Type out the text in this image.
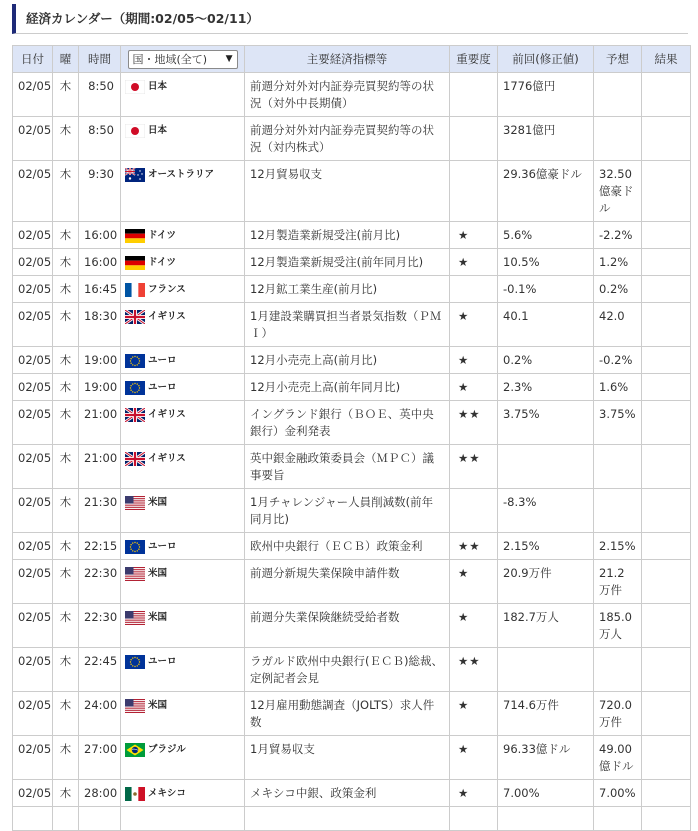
経済カレンダー（期間:02/05〜02/11）
日付	曜	時間	国・地域(全て) ▼	主要経済指標等	重要度	前回(修正値)	予想	結果
02/05	木	8:50	日本	前週分対外対内証券売買契約等の状況（対外中長期債）		1776億円		
02/05	木	8:50	日本	前週分対外対内証券売買契約等の状況（対内株式）		3281億円		
02/05	木	9:30	オーストラリア	12月貿易収支		29.36億豪ドル	32.50億豪ドル	
02/05	木	16:00	ドイツ	12月製造業新規受注(前月比)	★	5.6%	-2.2%	
02/05	木	16:00	ドイツ	12月製造業新規受注(前年同月比)	★	10.5%	1.2%	
02/05	木	16:45	フランス	12月鉱工業生産(前月比)		-0.1%	0.2%	
02/05	木	18:30	イギリス	1月建設業購買担当者景気指数（ＰＭＩ）	★	40.1	42.0	
02/05	木	19:00	ユーロ	12月小売売上高(前月比)	★	0.2%	-0.2%	
02/05	木	19:00	ユーロ	12月小売売上高(前年同月比)	★	2.3%	1.6%	
02/05	木	21:00	イギリス	イングランド銀行（ＢＯＥ、英中央銀行）金利発表	★★	3.75%	3.75%	
02/05	木	21:00	イギリス	英中銀金融政策委員会（ＭＰＣ）議事要旨	★★			
02/05	木	21:30	米国	1月チャレンジャー人員削減数(前年同月比)		-8.3%		
02/05	木	22:15	ユーロ	欧州中央銀行（ＥＣＢ）政策金利	★★	2.15%	2.15%	
02/05	木	22:30	米国	前週分新規失業保険申請件数	★	20.9万件	21.2万件	
02/05	木	22:30	米国	前週分失業保険継続受給者数	★	182.7万人	185.0万人	
02/05	木	22:45	ユーロ	ラガルド欧州中央銀行(ＥＣＢ)総裁、定例記者会見	★★			
02/05	木	24:00	米国	12月雇用動態調査（JOLTS）求人件数	★	714.6万件	720.0万件	
02/05	木	27:00	ブラジル	1月貿易収支	★	96.33億ドル	49.00億ドル	
02/05	木	28:00	メキシコ	メキシコ中銀、政策金利	★	7.00%	7.00%	
